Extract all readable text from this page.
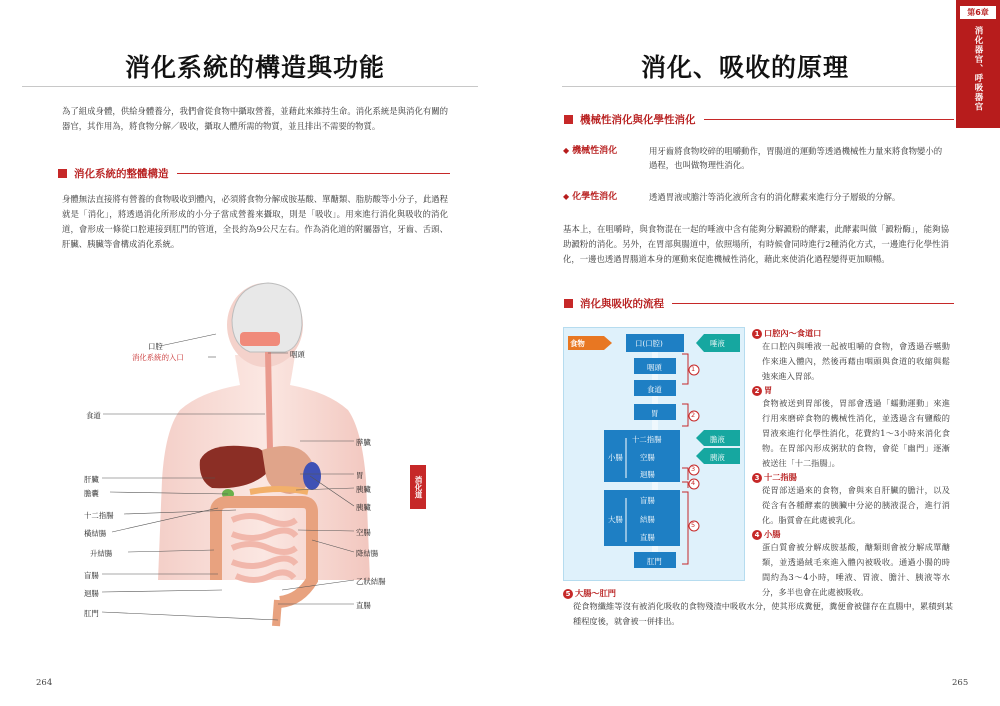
消化系統的構造與功能
為了組成身體，供給身體養分，我們會從食物中攝取營養，並藉此來維持生命。消化系統是與消化有關的器官，其作用為，將食物分解／吸收，攝取人體所需的物質，並且排出不需要的物質。
消化系統的整體構造
身體無法直接將有營養的食物吸收到體內，必須將食物分解成胺基酸、單醣類、脂肪酸等小分子，此過程就是「消化」，將透過消化所形成的小分子當成營養來攝取，則是「吸收」。用來進行消化與吸收的消化道，會形成一條從口腔連接到肛門的管道，全長約為9公尺左右。作為消化道的附屬器官，牙齒、舌頭、肝臟、胰臟等會構成消化系統。
口腔
消化系統的入口	咽頭
食道
膵臓
肝臟	胃
膽囊	胰臟
胰臟
十二指腸
橫結腸	空腸
升結腸	降結腸
盲腸
乙狀結腸
迴腸
直腸
肛門
消化道
264
消化、吸收的原理
機械性消化與化學性消化
265
第6章
消化器官、呼吸器官
◆ 機械性消化	用牙齒將食物咬碎的咀嚼動作，胃腸道的運動等透過機械性力量來將食物變小的過程，也叫做物理性消化。
◆ 化學性消化	透過胃液或膽汁等消化液所含有的消化酵素來進行分子層級的分解。
基本上，在咀嚼時，與食物混在一起的唾液中含有能夠分解澱粉的酵素，此酵素叫做「澱粉酶」，能夠協助澱粉的消化。另外，在胃部與腸道中，依照場所，有時候會同時進行2種消化方式，一邊進行化學性消化，一邊也透過胃腸道本身的運動來促進機械性消化，藉此來使消化過程變得更加順暢。
消化與吸收的流程
食物	口(口腔)	唾液
咽頭
食道
胃
小腸
十二指腸
空腸
迴腸
大腸
盲腸
結腸
直腸
肛門
膽液
胰液
1
2
3
4
5
1 口腔內～食道口
在口腔內與唾液一起被咀嚼的食物，會透過吞嚥動作來進入體內，然後再藉由咽頭與食道的收縮與鬆弛來進入胃部。
2 胃
食物被送到胃部後，胃部會透過「蠕動運動」來進行用來磨碎食物的機械性消化，並透過含有鹽酸的胃液來進行化學性消化，花費約1～3小時來消化食物。在胃部內形成粥狀的食物，會從「幽門」逐漸被送往「十二指腸」。
3 十二指腸
從胃部送過來的食物，會與來自肝臟的膽汁，以及從含有各種酵素的胰臟中分泌的胰液混合，進行消化。脂質會在此處被乳化。
4 小腸
蛋白質會被分解成胺基酸，醣類則會被分解成單醣類，並透過絨毛來進入體內被吸收。通過小腸的時間約為3～4小時，唾液、胃液、膽汁、胰液等水分，多半也會在此處被吸收。
5 大腸～肛門
從食物纖維等沒有被消化吸收的食物殘渣中吸收水分，使其形成糞便，糞便會被儲存在直腸中，累積到某種程度後，就會被一併排出。
